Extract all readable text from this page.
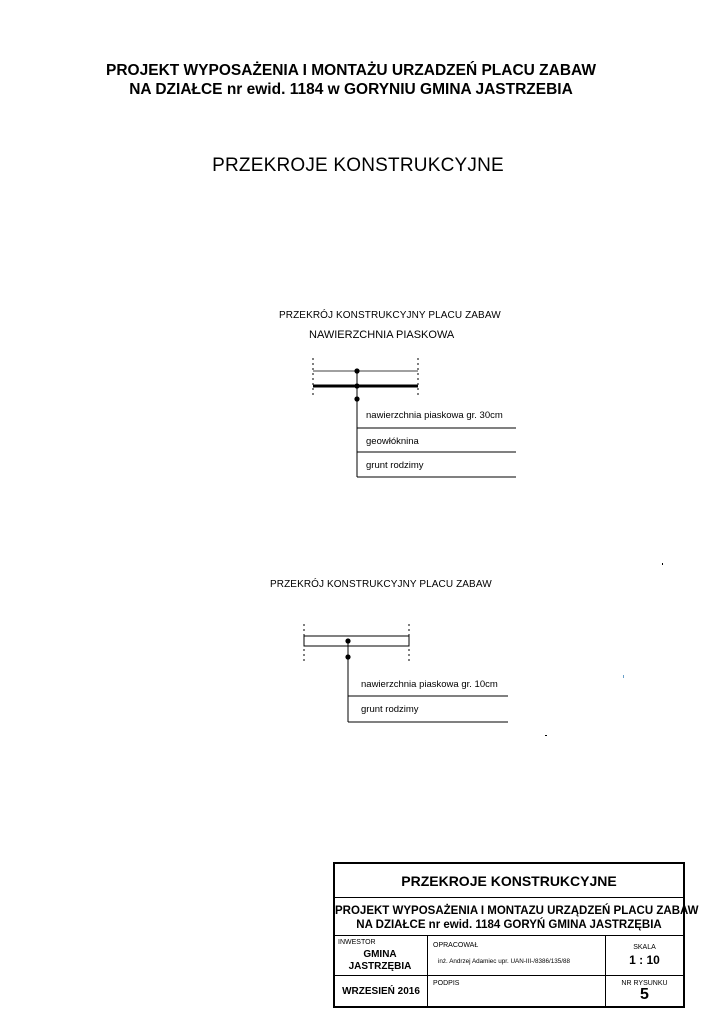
PROJEKT WYPOSAŻENIA I MONTAŻU URZADZEŃ PLACU ZABAW
NA DZIAŁCE nr ewid. 1184 w GORYNIU GMINA JASTRZEBIA
PRZEKROJE KONSTRUKCYJNE
PRZEKRÓJ KONSTRUKCYJNY PLACU ZABAW
NAWIERZCHNIA PIASKOWA
nawierzchnia piaskowa gr. 30cm
geowłóknina
grunt rodzimy
PRZEKRÓJ KONSTRUKCYJNY PLACU ZABAW
nawierzchnia piaskowa gr. 10cm
grunt rodzimy
PRZEKROJE KONSTRUKCYJNE
PROJEKT WYPOSAŻENIA I MONTAZU URZĄDZEŃ PLACU ZABAW
NA DZIAŁCE nr ewid. 1184 GORYŃ GMINA JASTRZĘBIA
INWESTOR
GMINA
JASTRZĘBIA
OPRACOWAŁ
inż. Andrzej Adamiec upr. UAN-III-/8386/135/88
SKALA
1 : 10
WRZESIEŃ 2016
PODPIS	NR RYSUNKU
5
